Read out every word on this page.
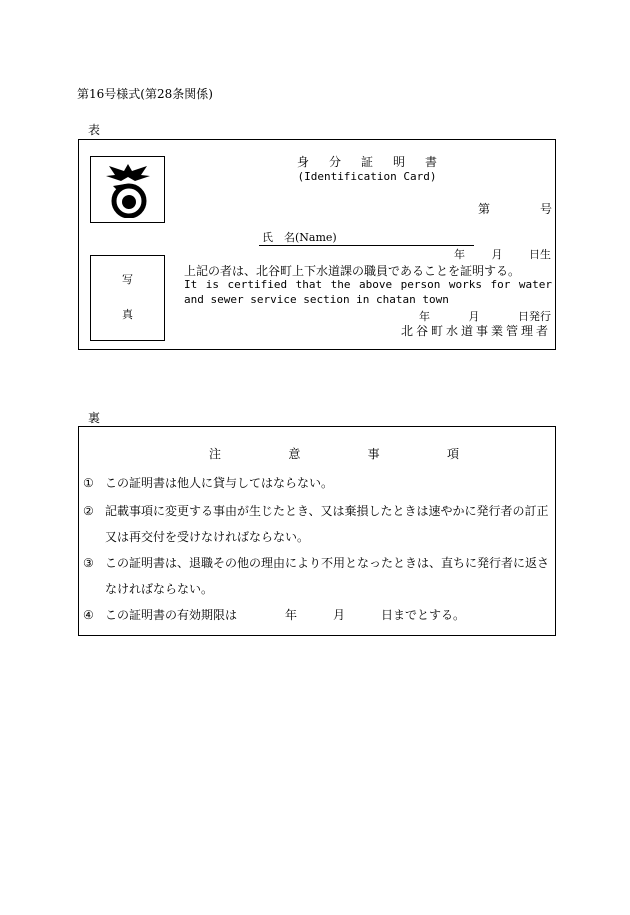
第16号様式(第28条関係)
表
写
真
身分証明書
(Identification Card)
第	号
氏　名(Name)
年 月 日生
上記の者は、北谷町上下水道課の職員であることを証明する。
It is certified that the above person works for water and sewer service section in chatan town
年	月	日発行
北谷町水道事業管理者
裏
注	意	事	項
① この証明書は他人に貸与してはならない。
② 記載事項に変更する事由が生じたとき、又は棄損したときは速やかに発行者の訂正
又は再交付を受けなければならない。
③ この証明書は、退職その他の理由により不用となったときは、直ちに発行者に返さ
なければならない。
④ この証明書の有効期限は　　　　年　　　月　　　日までとする。
